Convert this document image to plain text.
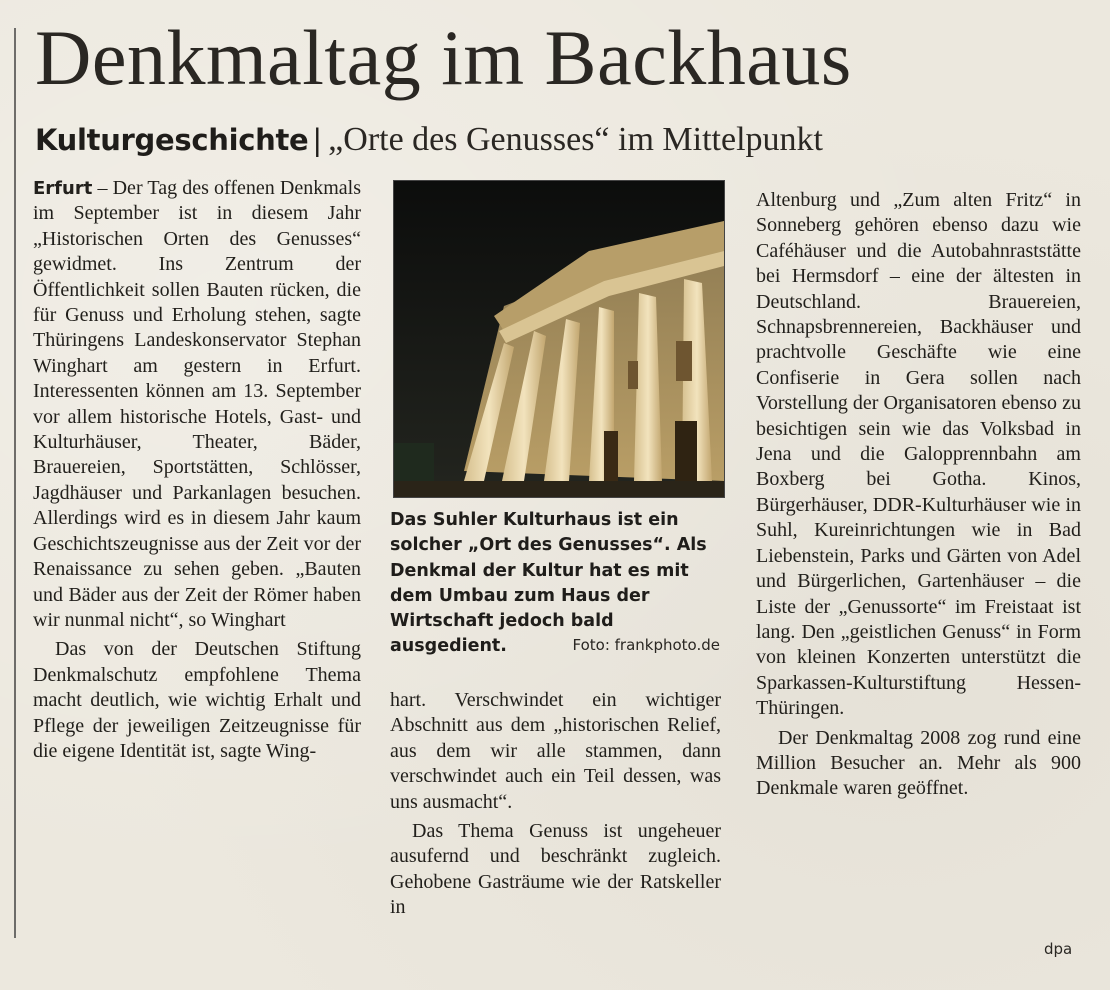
Denkmaltag im Backhaus
Kulturgeschichte | „Orte des Genusses“ im Mittelpunkt

Erfurt – Der Tag des offenen Denkmals im September ist in diesem Jahr „Historischen Orten des Genusses“ gewidmet. Ins Zentrum der Öffentlichkeit sollen Bauten rücken, die für Genuss und Erholung stehen, sagte Thüringens Landeskonservator Stephan Winghart am gestern in Erfurt. Interessenten können am 13. September vor allem historische Hotels, Gast- und Kulturhäuser, Theater, Bäder, Brauereien, Sportstätten, Schlösser, Jagdhäuser und Parkanlagen besuchen. Allerdings wird es in diesem Jahr kaum Geschichtszeugnisse aus der Zeit vor der Renaissance zu sehen geben. „Bauten und Bäder aus der Zeit der Römer haben wir nunmal nicht“, so Winghart

Das von der Deutschen Stiftung Denkmalschutz empfohlene Thema macht deutlich, wie wichtig Erhalt und Pflege der jeweiligen Zeitzeugnisse für die eigene Identität ist, sagte Wing-

Das Suhler Kulturhaus ist ein solcher „Ort des Genusses“. Als Denkmal der Kultur hat es mit dem Umbau zum Haus der Wirtschaft jedoch bald ausgedient.	Foto: frankphoto.de

hart. Verschwindet ein wichtiger Abschnitt aus dem „historischen Relief, aus dem wir alle stammen, dann verschwindet auch ein Teil dessen, was uns ausmacht“.

Das Thema Genuss ist ungeheuer ausufernd und beschränkt zugleich. Gehobene Gasträume wie der Ratskeller in

Altenburg und „Zum alten Fritz“ in Sonneberg gehören ebenso dazu wie Caféhäuser und die Autobahnraststätte bei Hermsdorf – eine der ältesten in Deutschland. Brauereien, Schnapsbrennereien, Backhäuser und prachtvolle Geschäfte wie eine Confiserie in Gera sollen nach Vorstellung der Organisatoren ebenso zu besichtigen sein wie das Volksbad in Jena und die Galopprennbahn am Boxberg bei Gotha. Kinos, Bürgerhäuser, DDR-Kulturhäuser wie in Suhl, Kureinrichtungen wie in Bad Liebenstein, Parks und Gärten von Adel und Bürgerlichen, Gartenhäuser – die Liste der „Genussorte“ im Freistaat ist lang. Den „geistlichen Genuss“ in Form von kleinen Konzerten unterstützt die Sparkassen-Kulturstiftung Hessen-Thüringen.

Der Denkmaltag 2008 zog rund eine Million Besucher an. Mehr als 900 Denkmale waren geöffnet.

dpa
